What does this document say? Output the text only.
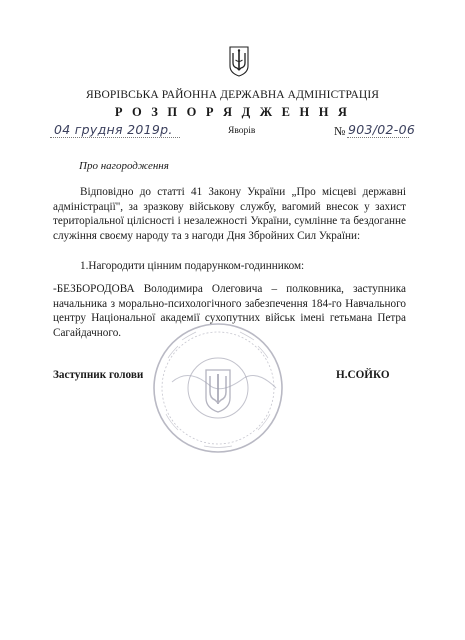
ЯВОРІВСЬКА РАЙОННА ДЕРЖАВНА АДМІНІСТРАЦІЯ
Р О З П О Р Я Д Ж Е Н Н Я
04 грудня 2019р.	Яворів	№ 903/02-06
Про нагородження

Відповідно до статті 41 Закону України „Про місцеві державні адміністрації", за зразкову військову службу, вагомий внесок у захист територіальної цілісності і незалежності України, сумлінне та бездоганне служіння своєму народу та з нагоди Дня Збройних Сил України:

1.Нагородити цінним подарунком-годинником:

-БЕЗБОРОДОВА Володимира Олеговича – полковника, заступника начальника з морально-психологічного забезпечення 184-го Навчального центру Національної академії сухопутних військ імені гетьмана Петра Сагайдачного.

Заступник голови	Н.СОЙКО
